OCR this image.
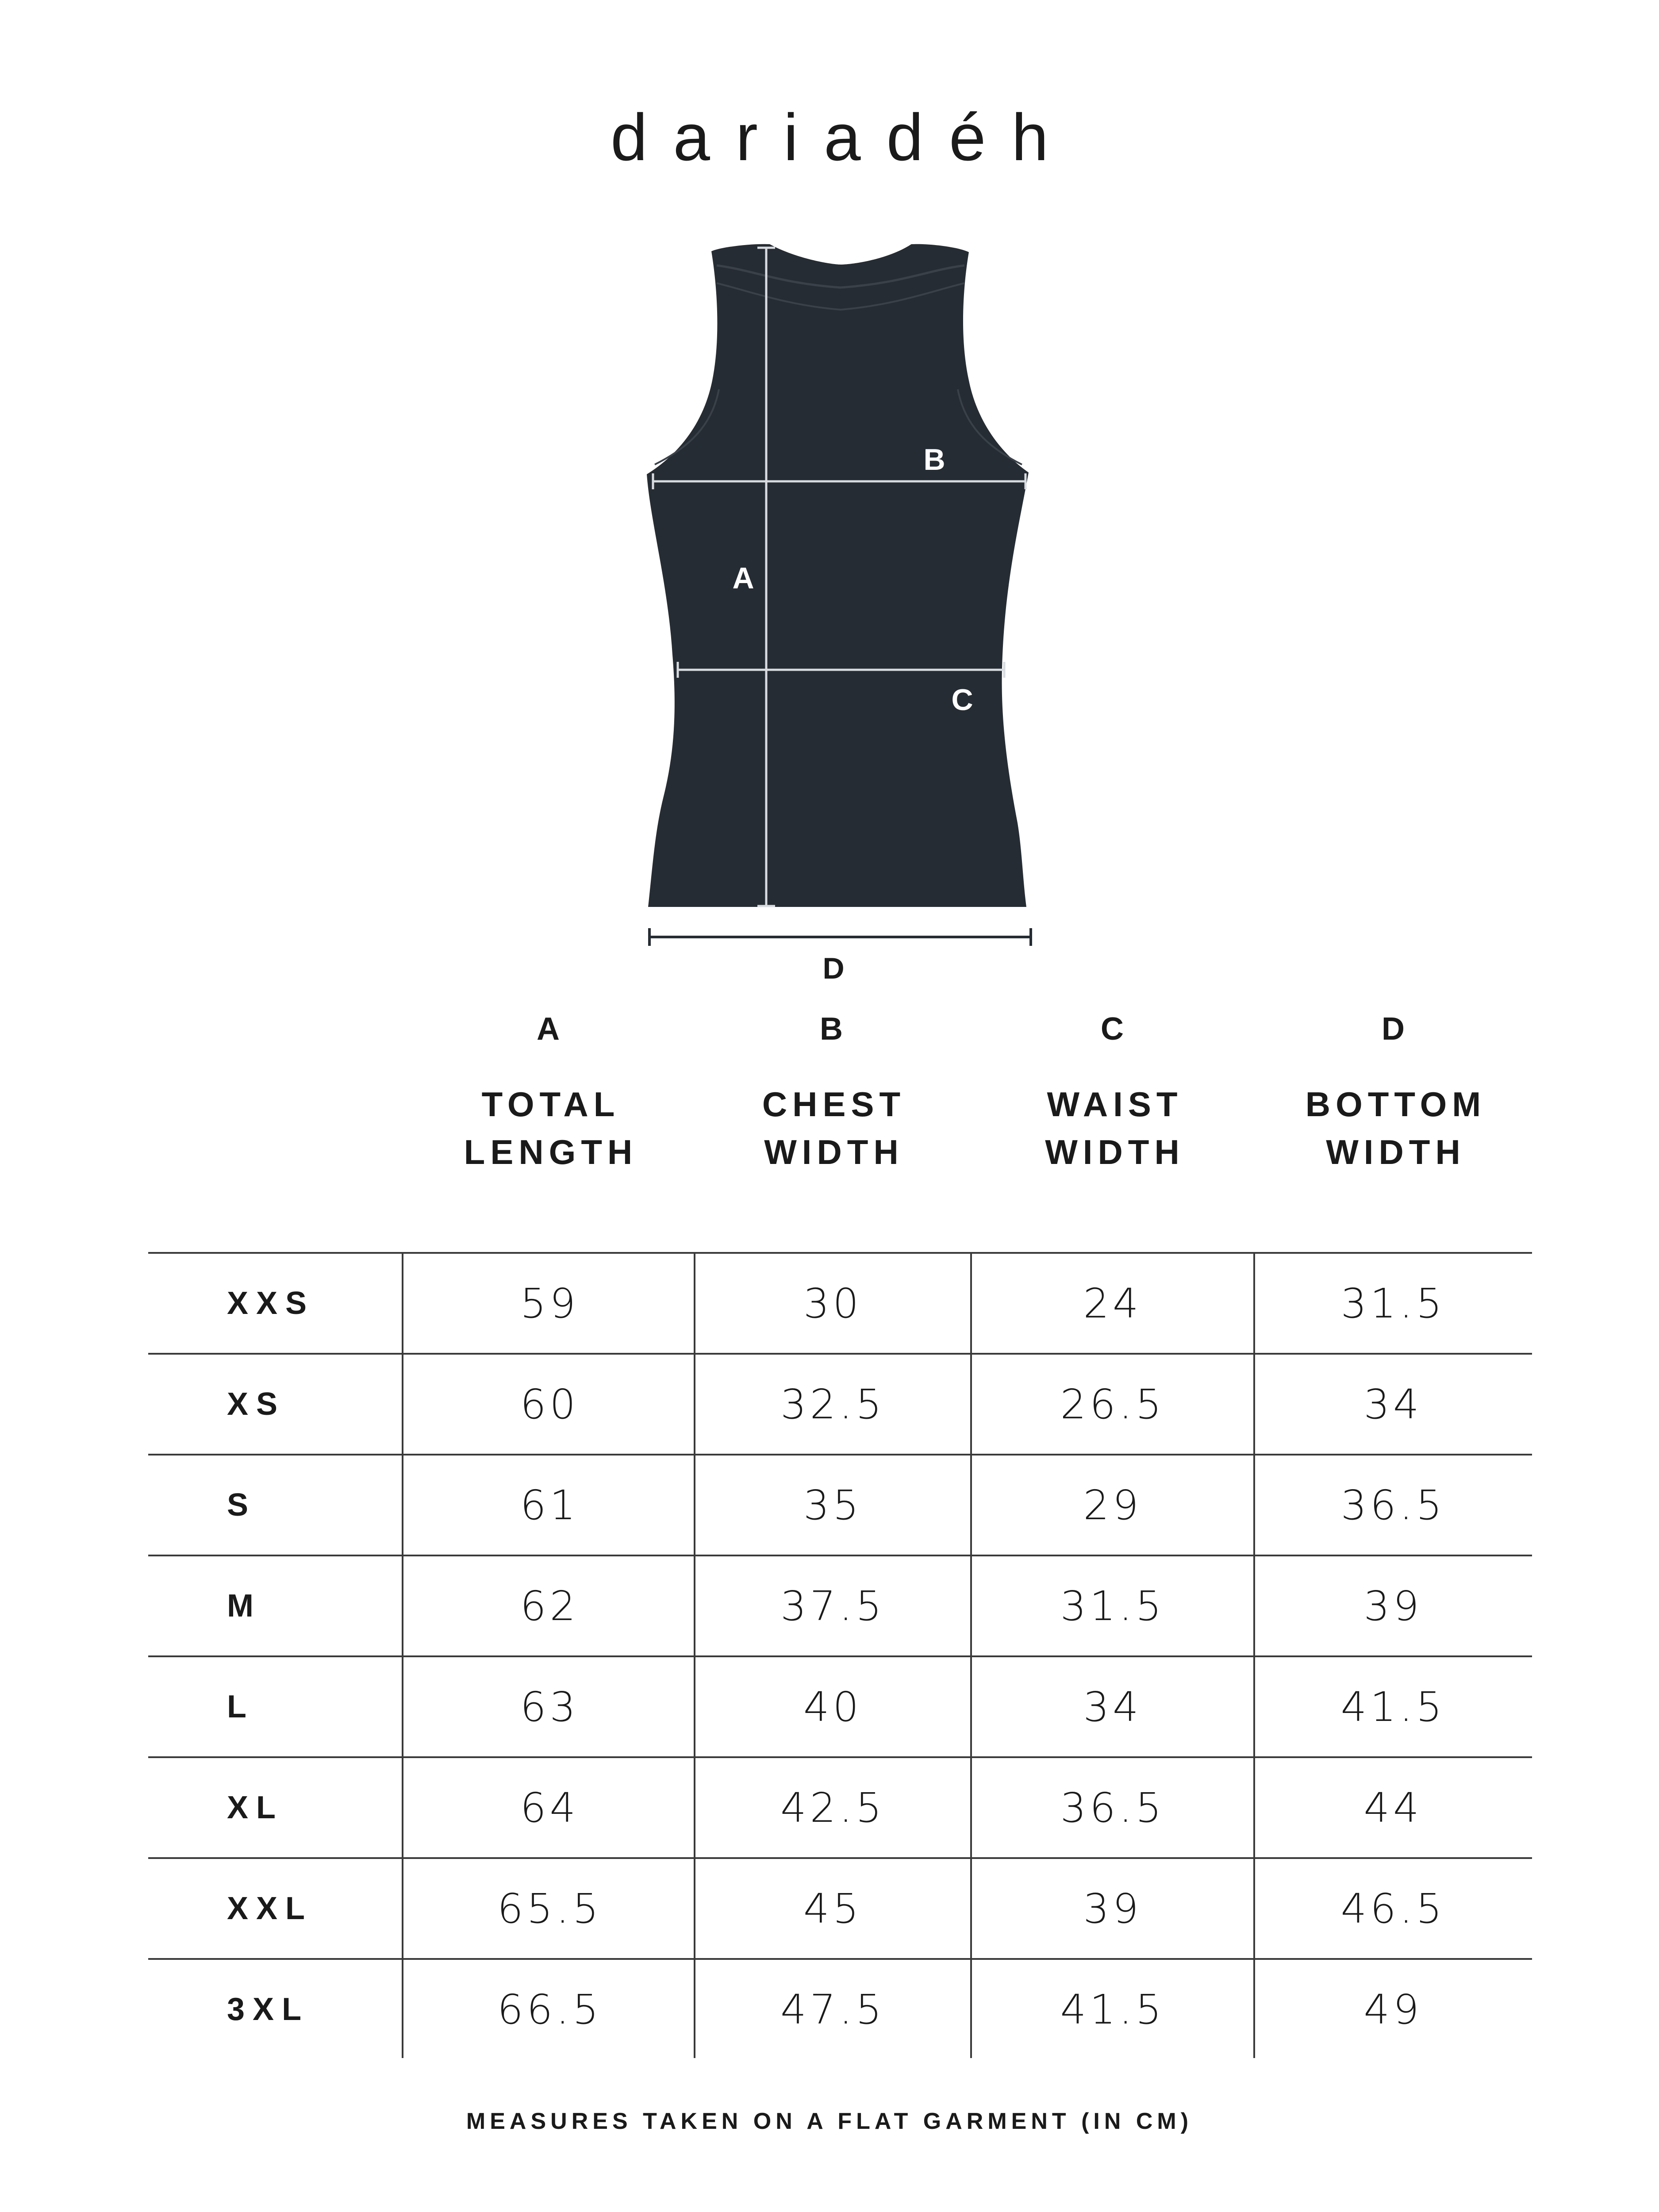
dariadéh
B
A
C
D
A
TOTAL
LENGTH
B
CHEST
WIDTH
C
WAIST
WIDTH
D
BOTTOM
WIDTH
XXS	59	30	24	31.5
XS	60	32.5	26.5	34
S	61	35	29	36.5
M	62	37.5	31.5	39
L	63	40	34	41.5
XL	64	42.5	36.5	44
XXL	65.5	45	39	46.5
3XL	66.5	47.5	41.5	49
MEASURES TAKEN ON A FLAT GARMENT (IN CM)
